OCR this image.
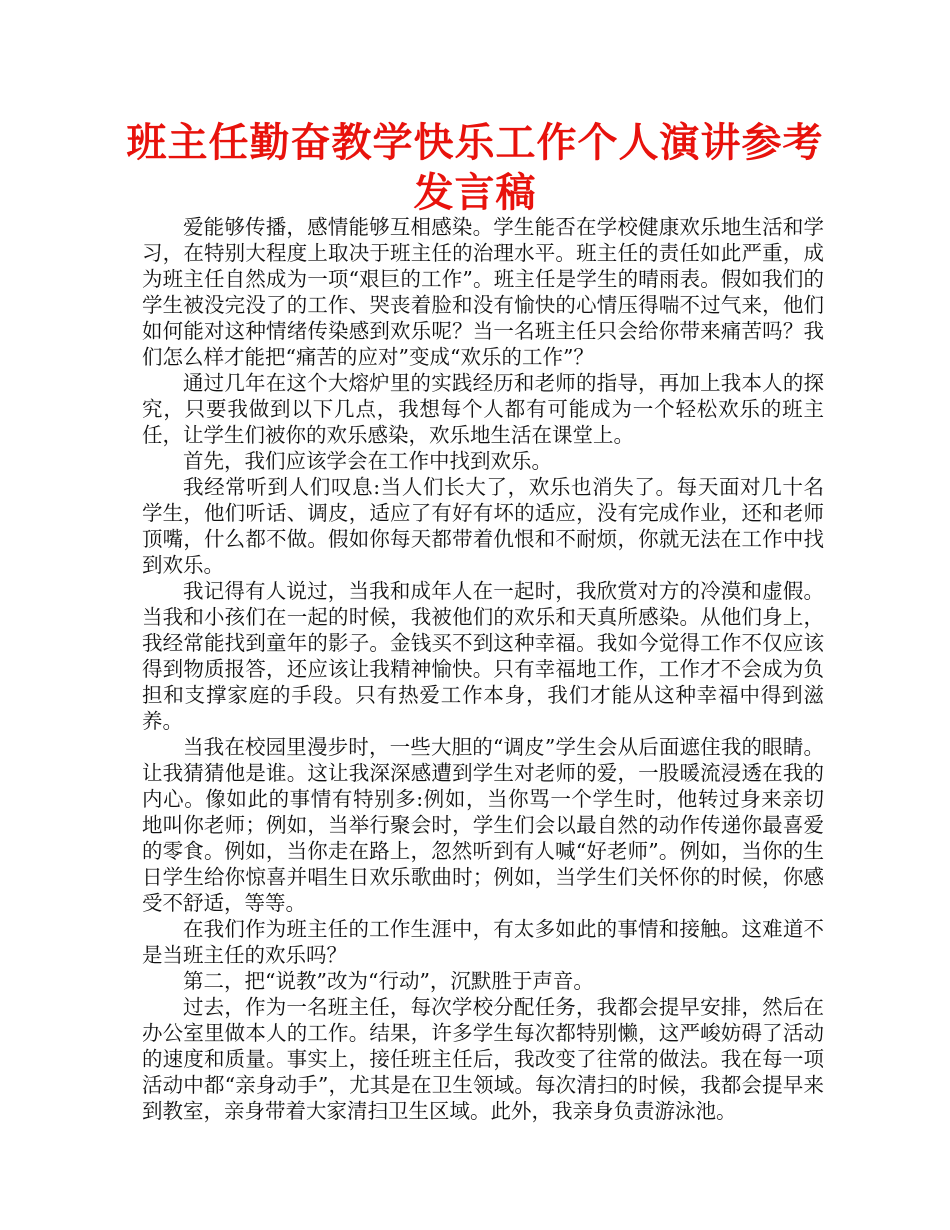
班主任勤奋教学快乐工作个人演讲参考发言稿

爱能够传播，感情能够互相感染。学生能否在学校健康欢乐地生活和学习，在特别大程度上取决于班主任的治理水平。班主任的责任如此严重，成为班主任自然成为一项“艰巨的工作”。班主任是学生的晴雨表。假如我们的学生被没完没了的工作、哭丧着脸和没有愉快的心情压得喘不过气来，他们如何能对这种情绪传染感到欢乐呢？当一名班主任只会给你带来痛苦吗？我们怎么样才能把“痛苦的应对”变成“欢乐的工作”？

通过几年在这个大熔炉里的实践经历和老师的指导，再加上我本人的探究，只要我做到以下几点，我想每个人都有可能成为一个轻松欢乐的班主任，让学生们被你的欢乐感染，欢乐地生活在课堂上。

首先，我们应该学会在工作中找到欢乐。

我经常听到人们叹息:当人们长大了，欢乐也消失了。每天面对几十名学生，他们听话、调皮，适应了有好有坏的适应，没有完成作业，还和老师顶嘴，什么都不做。假如你每天都带着仇恨和不耐烦，你就无法在工作中找到欢乐。

我记得有人说过，当我和成年人在一起时，我欣赏对方的冷漠和虚假。当我和小孩们在一起的时候，我被他们的欢乐和天真所感染。从他们身上，我经常能找到童年的影子。金钱买不到这种幸福。我如今觉得工作不仅应该得到物质报答，还应该让我精神愉快。只有幸福地工作，工作才不会成为负担和支撑家庭的手段。只有热爱工作本身，我们才能从这种幸福中得到滋养。

当我在校园里漫步时，一些大胆的“调皮”学生会从后面遮住我的眼睛。让我猜猜他是谁。这让我深深感遭到学生对老师的爱，一股暖流浸透在我的内心。像如此的事情有特别多:例如，当你骂一个学生时，他转过身来亲切地叫你老师；例如，当举行聚会时，学生们会以最自然的动作传递你最喜爱的零食。例如，当你走在路上，忽然听到有人喊“好老师”。例如，当你的生日学生给你惊喜并唱生日欢乐歌曲时；例如，当学生们关怀你的时候，你感受不舒适，等等。

在我们作为班主任的工作生涯中，有太多如此的事情和接触。这难道不是当班主任的欢乐吗？

第二，把“说教”改为“行动”，沉默胜于声音。

过去，作为一名班主任，每次学校分配任务，我都会提早安排，然后在办公室里做本人的工作。结果，许多学生每次都特别懒，这严峻妨碍了活动的速度和质量。事实上，接任班主任后，我改变了往常的做法。我在每一项活动中都“亲身动手”，尤其是在卫生领域。每次清扫的时候，我都会提早来到教室，亲身带着大家清扫卫生区域。此外，我亲身负责游泳池。
